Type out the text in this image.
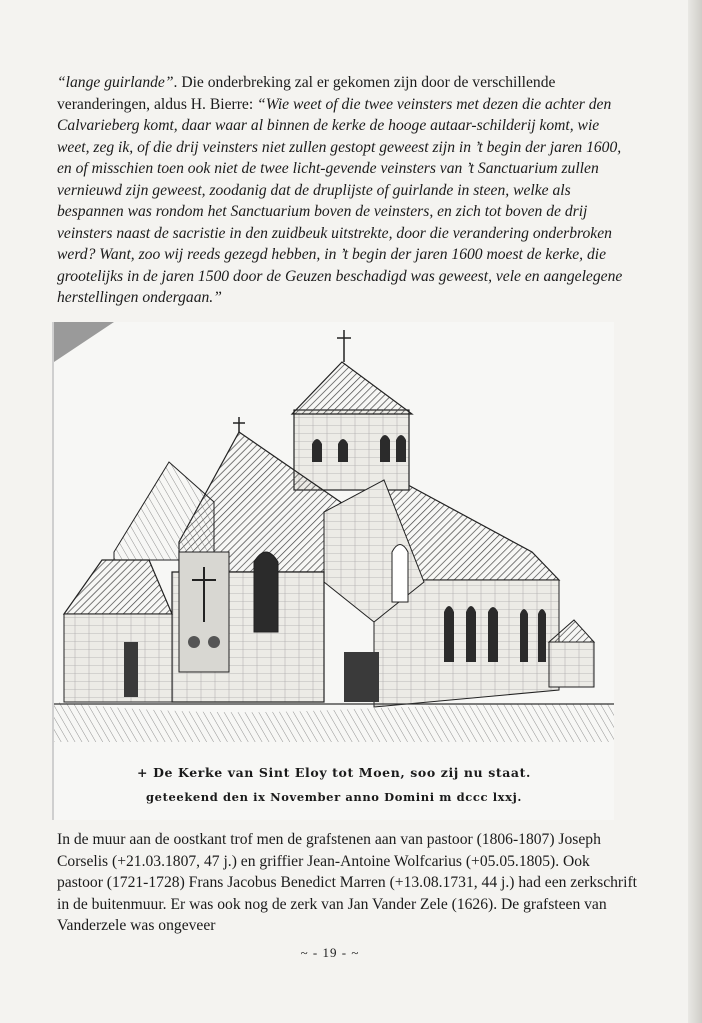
“lange guirlande”. Die onderbreking zal er gekomen zijn door de verschillende veranderingen, aldus H. Bierre: “Wie weet of die twee veinsters met dezen die achter den Calvarieberg komt, daar waar al binnen de kerke de hooge autaar-schilderij komt, wie weet, zeg ik, of die drij veinsters niet zullen gestopt geweest zijn in ’t begin der jaren 1600, en of misschien toen ook niet de twee licht-gevende veinsters van ’t Sanctuarium zullen vernieuwd zijn geweest, zoodanig dat de druplijste of guirlande in steen, welke als bespannen was rondom het Sanctuarium boven de veinsters, en zich tot boven de drij veinsters naast de sacristie in den zuidbeuk uitstrekte, door die verandering onderbroken werd? Want, zoo wij reeds gezegd hebben, in ’t begin der jaren 1600 moest de kerke, die grootelijks in de jaren 1500 door de Geuzen beschadigd was geweest, vele en aangelegene herstellingen ondergaan.”

+ De Kerke van Sint Eloy tot Moen, soo zij nu staat.
geteekend den ix November anno Domini m dccc lxxj.

In de muur aan de oostkant trof men de grafstenen aan van pastoor (1806-1807) Joseph Corselis (+21.03.1807, 47 j.) en griffier Jean-Antoine Wolfcarius (+05.05.1805). Ook pastoor (1721-1728) Frans Jacobus Benedict Marren (+13.08.1731, 44 j.) had een zerkschrift in de buitenmuur. Er was ook nog de zerk van Jan Vander Zele (1626). De grafsteen van Vanderzele was ongeveer

~ - 19 - ~
